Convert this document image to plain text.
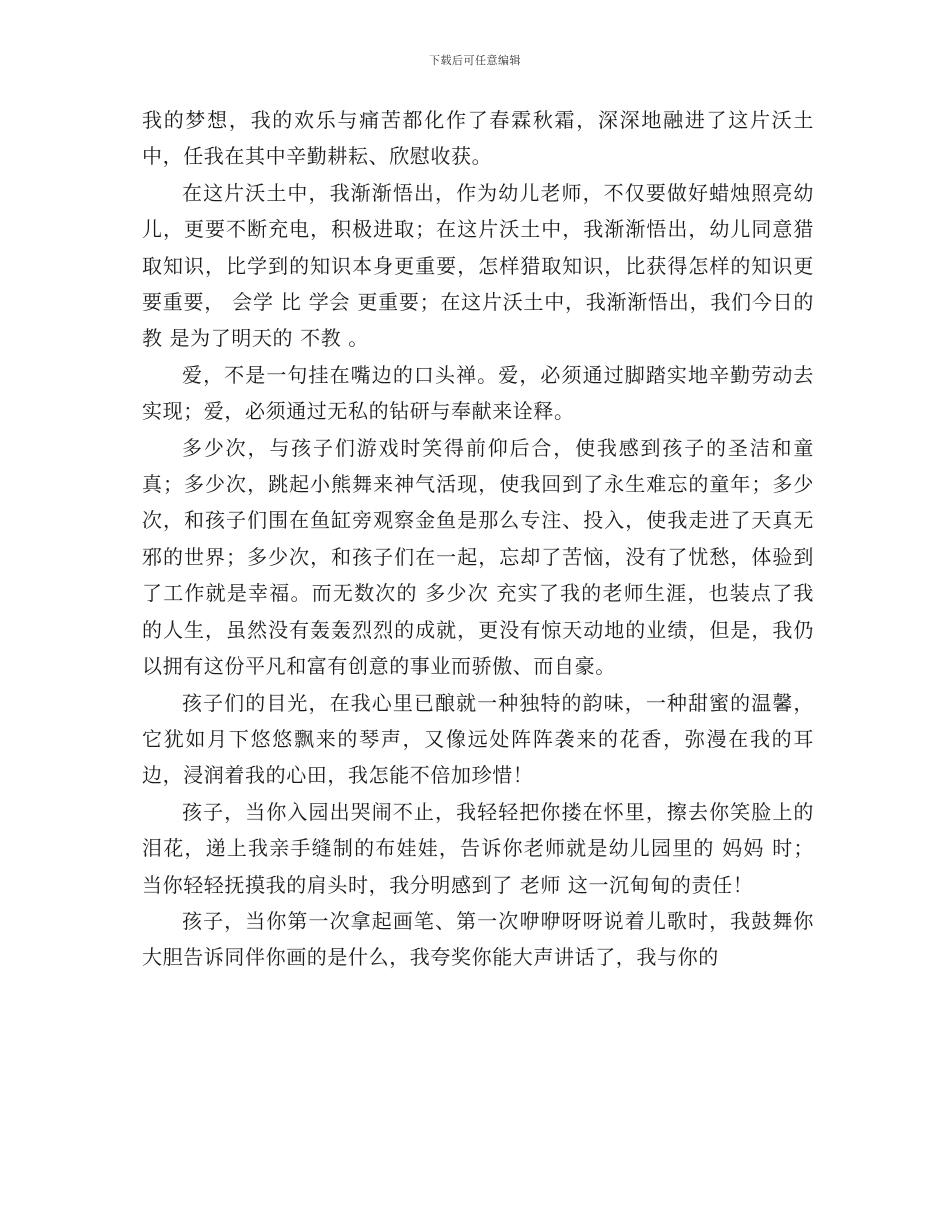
下载后可任意编辑

我的梦想，我的欢乐与痛苦都化作了春霖秋霜，深深地融进了这片沃土中，任我在其中辛勤耕耘、欣慰收获。

在这片沃土中，我渐渐悟出，作为幼儿老师，不仅要做好蜡烛照亮幼儿，更要不断充电，积极进取；在这片沃土中，我渐渐悟出，幼儿同意猎取知识，比学到的知识本身更重要，怎样猎取知识，比获得怎样的知识更要重要， 会学 比 学会 更重要；在这片沃土中，我渐渐悟出，我们今日的 教 是为了明天的 不教 。

爱，不是一句挂在嘴边的口头禅。爱，必须通过脚踏实地辛勤劳动去实现；爱，必须通过无私的钻研与奉献来诠释。

多少次，与孩子们游戏时笑得前仰后合，使我感到孩子的圣洁和童真；多少次，跳起小熊舞来神气活现，使我回到了永生难忘的童年；多少次，和孩子们围在鱼缸旁观察金鱼是那么专注、投入，使我走进了天真无邪的世界；多少次，和孩子们在一起，忘却了苦恼，没有了忧愁，体验到了工作就是幸福。而无数次的 多少次 充实了我的老师生涯，也装点了我的人生，虽然没有轰轰烈烈的成就，更没有惊天动地的业绩，但是，我仍以拥有这份平凡和富有创意的事业而骄傲、而自豪。

孩子们的目光，在我心里已酿就一种独特的韵味，一种甜蜜的温馨，它犹如月下悠悠飘来的琴声，又像远处阵阵袭来的花香，弥漫在我的耳边，浸润着我的心田，我怎能不倍加珍惜！

孩子，当你入园出哭闹不止，我轻轻把你搂在怀里，擦去你笑脸上的泪花，递上我亲手缝制的布娃娃，告诉你老师就是幼儿园里的 妈妈 时；当你轻轻抚摸我的肩头时，我分明感到了 老师 这一沉甸甸的责任！

孩子，当你第一次拿起画笔、第一次咿咿呀呀说着儿歌时，我鼓舞你大胆告诉同伴你画的是什么，我夸奖你能大声讲话了，我与你的
